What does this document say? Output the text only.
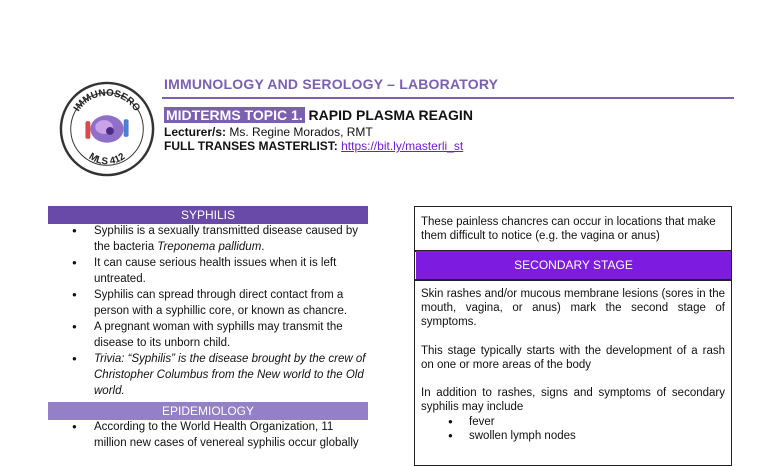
IMMUNOSERO
MLS 412
IMMUNOLOGY AND SEROLOGY – LABORATORY
MIDTERMS TOPIC 1. RAPID PLASMA REAGIN
Lecturer/s: Ms. Regine Morados, RMT
FULL TRANSES MASTERLIST: https://bit.ly/masterli_st
SYPHILIS
● Syphilis is a sexually transmitted disease caused by the bacteria Treponema pallidum.
● It can cause serious health issues when it is left untreated.
● Syphilis can spread through direct contact from a person with a syphillic core, or known as chancre.
● A pregnant woman with syphills may transmit the disease to its unborn child.
● Trivia: “Syphilis” is the disease brought by the crew of Christopher Columbus from the New world to the Old world.
EPIDEMIOLOGY
● According to the World Health Organization, 11 million new cases of venereal syphilis occur globally
These painless chancres can occur in locations that make them difficult to notice (e.g. the vagina or anus)
SECONDARY STAGE

Skin rashes and/or mucous membrane lesions (sores in the mouth, vagina, or anus) mark the second stage of symptoms.

This stage typically starts with the development of a rash on one or more areas of the body

In addition to rashes, signs and symptoms of secondary syphilis may include

● fever
● swollen lymph nodes
